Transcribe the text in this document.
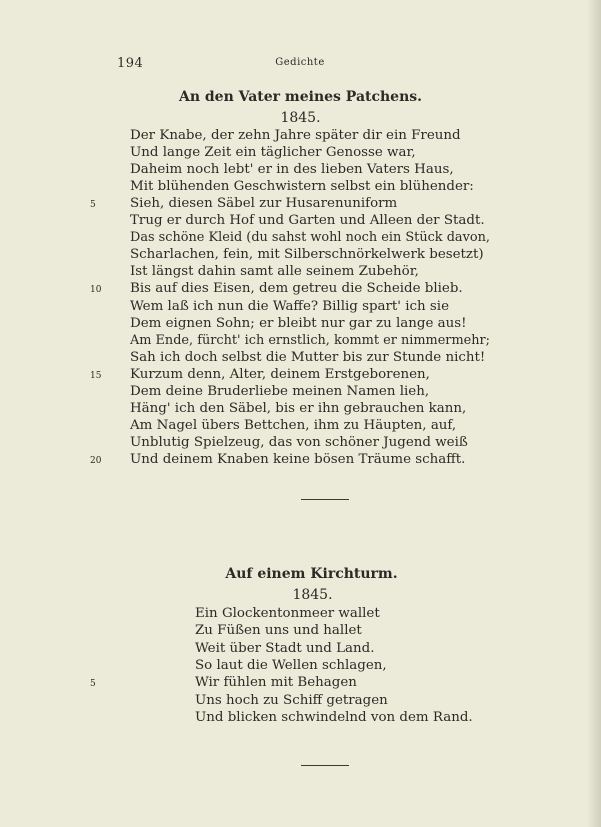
194	Gedichte
An den Vater meines Patchens.
1845.
Der Knabe, der zehn Jahre später dir ein Freund
Und lange Zeit ein täglicher Genosse war,
Daheim noch lebt' er in des lieben Vaters Haus,
Mit blühenden Geschwistern selbst ein blühender:
Sieh, diesen Säbel zur Husarenuniform
Trug er durch Hof und Garten und Alleen der Stadt.
Das schöne Kleid (du sahst wohl noch ein Stück davon,
Scharlachen, fein, mit Silberschnörkelwerk besetzt)
Ist längst dahin samt alle seinem Zubehör,
Bis auf dies Eisen, dem getreu die Scheide blieb.
Wem laß ich nun die Waffe? Billig spart' ich sie
Dem eignen Sohn; er bleibt nur gar zu lange aus!
Am Ende, fürcht' ich ernstlich, kommt er nimmermehr;
Sah ich doch selbst die Mutter bis zur Stunde nicht!
Kurzum denn, Alter, deinem Erstgeborenen,
Dem deine Bruderliebe meinen Namen lieh,
Häng' ich den Säbel, bis er ihn gebrauchen kann,
Am Nagel übers Bettchen, ihm zu Häupten, auf,
Unblutig Spielzeug, das von schöner Jugend weiß
Und deinem Knaben keine bösen Träume schafft.
5
10
15
20
Auf einem Kirchturm.
1845.
Ein Glockentonmeer wallet
Zu Füßen uns und hallet
Weit über Stadt und Land.
So laut die Wellen schlagen,
Wir fühlen mit Behagen
Uns hoch zu Schiff getragen
Und blicken schwindelnd von dem Rand.
5
